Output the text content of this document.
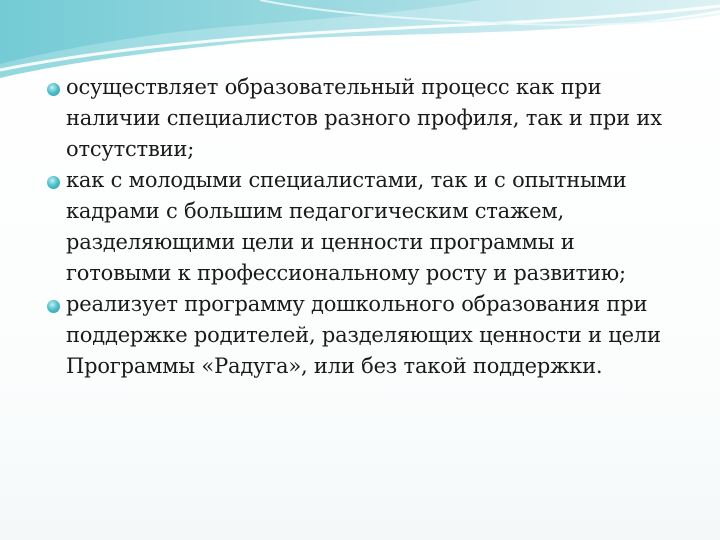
осуществляет образовательный процесс как при наличии специалистов разного профиля, так и при их отсутствии;

как с молодыми специалистами, так и с опытными кадрами с большим педагогическим стажем, разделяющими цели и ценности программы и готовыми к профессиональному росту и развитию;

реализует программу дошкольного образования при поддержке родителей, разделяющих ценности и цели Программы «Радуга», или без такой поддержки.
